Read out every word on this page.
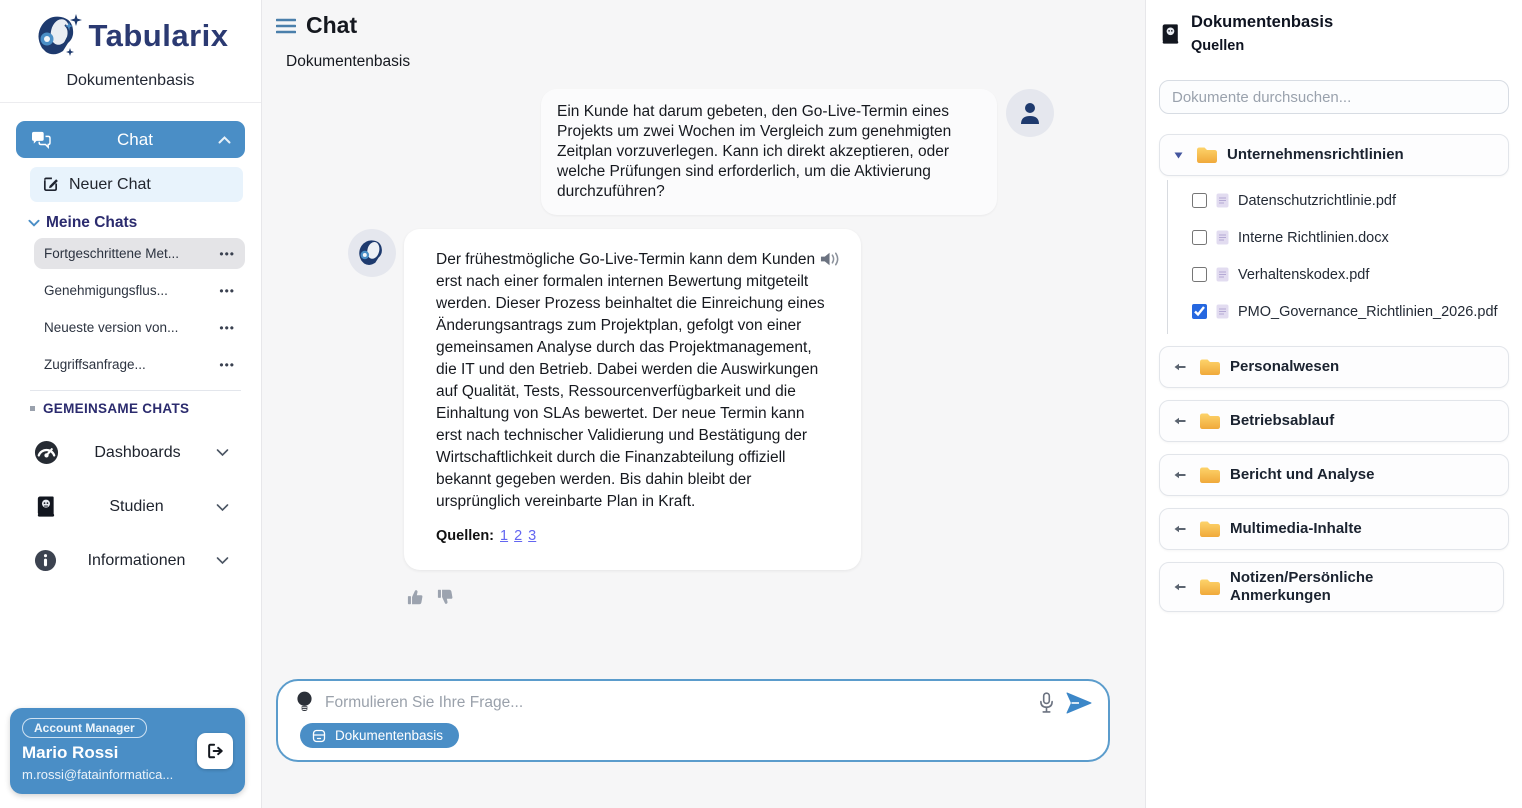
Tabularix
Dokumentenbasis
Chat
Neuer Chat
Meine Chats
Fortgeschrittene Met...	•••
Genehmigungsflus...	•••
Neueste version von...	•••
Zugriffsanfrage...	•••
GEMEINSAME CHATS
Dashboards
Studien
Informationen
Account Manager
Mario Rossi
m.rossi@fatainformatica...
Chat
Dokumentenbasis
Ein Kunde hat darum gebeten, den Go-Live-Termin eines Projekts um zwei Wochen im Vergleich zum genehmigten Zeitplan vorzuverlegen. Kann ich direkt akzeptieren, oder welche Prüfungen sind erforderlich, um die Aktivierung durchzuführen?
Der frühestmögliche Go-Live-Termin kann dem Kunden erst nach einer formalen internen Bewertung mitgeteilt werden. Dieser Prozess beinhaltet die Einreichung eines Änderungsantrags zum Projektplan, gefolgt von einer gemeinsamen Analyse durch das Projektmanagement, die IT und den Betrieb. Dabei werden die Auswirkungen auf Qualität, Tests, Ressourcenverfügbarkeit und die Einhaltung von SLAs bewertet. Der neue Termin kann erst nach technischer Validierung und Bestätigung der Wirtschaftlichkeit durch die Finanzabteilung offiziell bekannt gegeben werden. Bis dahin bleibt der ursprünglich vereinbarte Plan in Kraft.
Quellen: 1 2 3
Formulieren Sie Ihre Frage...
Dokumentenbasis
Dokumentenbasis
Quellen
Dokumente durchsuchen...
Unternehmensrichtlinien
Datenschutzrichtlinie.pdf
Interne Richtlinien.docx
Verhaltenskodex.pdf
PMO_Governance_Richtlinien_2026.pdf
Personalwesen
Betriebsablauf
Bericht und Analyse
Multimedia-Inhalte
Notizen/Persönliche Anmerkungen
